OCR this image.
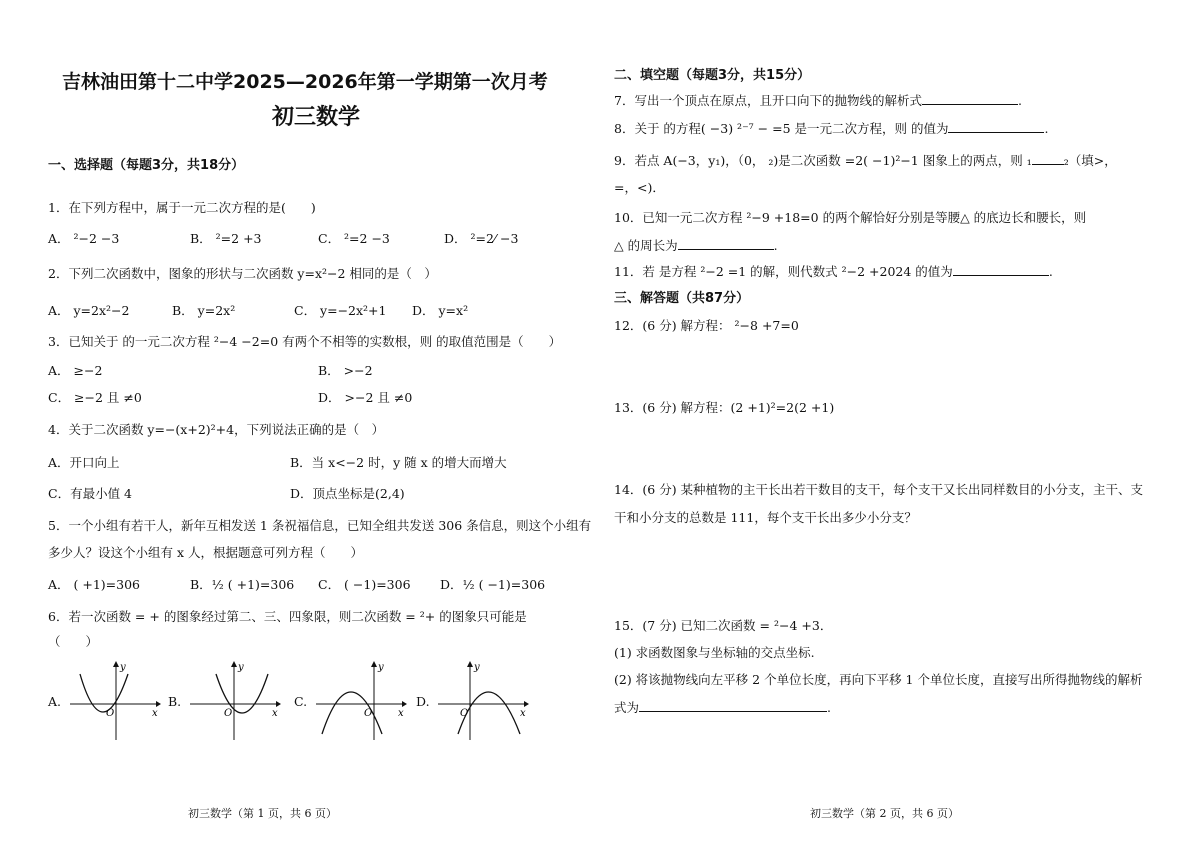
吉林油田第十二中学2025—2026年第一学期第一次月考
初三数学
一、选择题（每题3分，共18分）
1．在下列方程中，属于一元二次方程的是(　　)
A． ²−2 −3	B． ²=2 +3	C． ²=2 −3	D． ²=2⁄ −3
2．下列二次函数中，图象的形状与二次函数 y=x²−2 相同的是（　）
A． y=2x²−2	B． y=2x²	C． y=−2x²+1 D． y=x²
3．已知关于 的一元二次方程 ²−4 −2=0 有两个不相等的实数根，则 的取值范围是（　　）
A． ≥−2	B． >−2
C． ≥−2 且 ≠0	D． >−2 且 ≠0
4．关于二次函数 y=−(x+2)²+4，下列说法正确的是（　）
A．开口向上	B．当 x<−2 时，y 随 x 的增大而增大
C．有最小值 4	D．顶点坐标是(2,4)
5．一个小组有若干人，新年互相发送 1 条祝福信息，已知全组共发送 306 条信息，则这个小组有
多少人？设这个小组有 x 人，根据题意可列方程（　　）
A． ( +1)=306	B．½ ( +1)=306 C． ( −1)=306 D．½ ( −1)=306
6．若一次函数 = + 的图象经过第二、三、四象限，则二次函数 = ²+ 的图象只可能是
（　　）
A.
y
x
O
B.
y
x
O
C.
y
x
O
D.
y
x
O
初三数学（第 1 页，共 6 页）
二、填空题（每题3分，共15分）
7．写出一个顶点在原点，且开口向下的抛物线的解析式	.
8．关于 的方程( −3) ²⁻⁷ − =5 是一元二次方程，则 的值为	.
9．若点 A(−3，y₁)，（0， ₂)是二次函数 =2( −1)²−1 图象上的两点，则 ₁	₂（填>，
=，<)．
10．已知一元二次方程 ²−9 +18=0 的两个解恰好分别是等腰△ 的底边长和腰长，则
△ 的周长为	.
11．若 是方程 ²−2 =1 的解，则代数式 ²−2 +2024 的值为	.
三、解答题（共87分）
12．(6 分) 解方程： ²−8 +7=0
13．(6 分) 解方程：(2 +1)²=2(2 +1)
14．(6 分) 某种植物的主干长出若干数目的支干，每个支干又长出同样数目的小分支，主干、支
干和小分支的总数是 111，每个支干长出多少小分支？
15．(7 分) 已知二次函数 = ²−4 +3．
(1) 求函数图象与坐标轴的交点坐标.
(2) 将该抛物线向左平移 2 个单位长度，再向下平移 1 个单位长度，直接写出所得抛物线的解析
式为	.
初三数学（第 2 页，共 6 页）
